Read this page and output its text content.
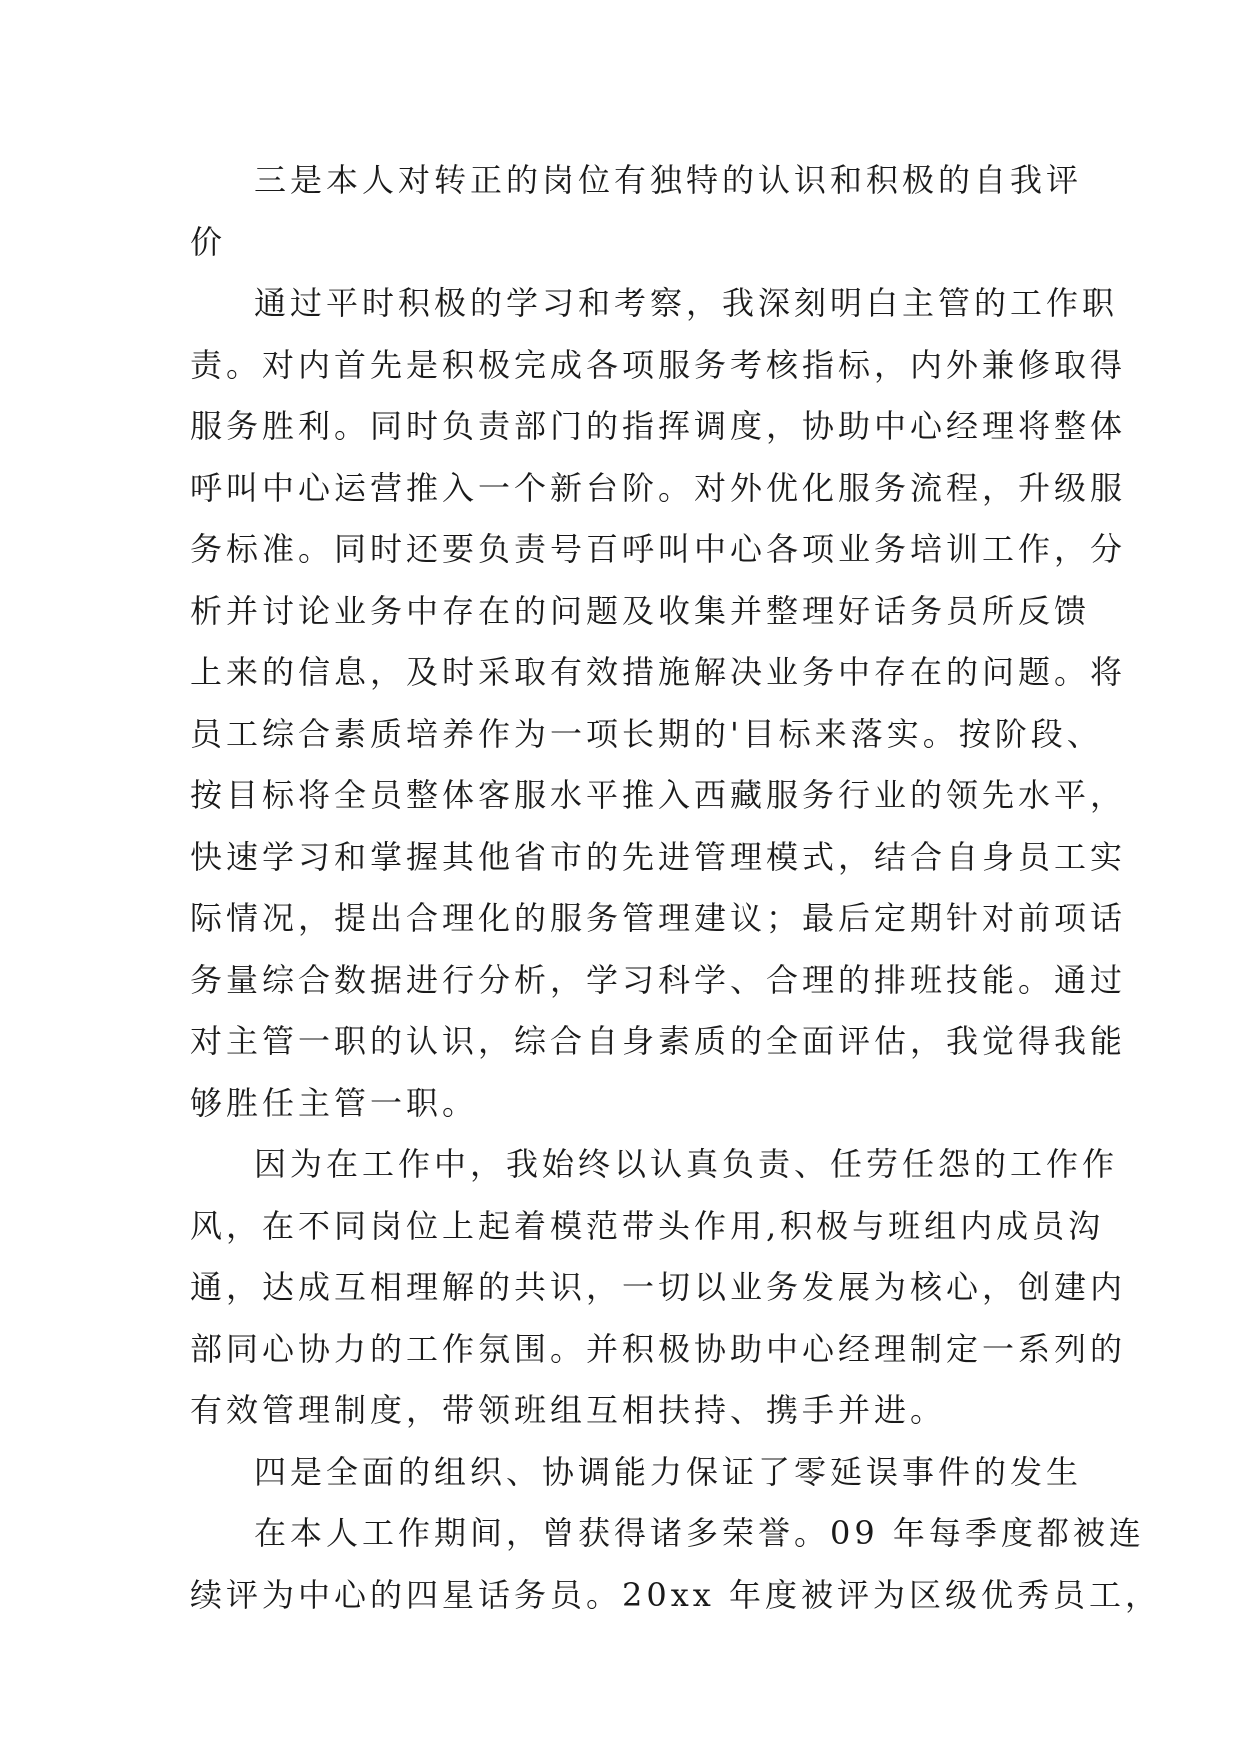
三是本人对转正的岗位有独特的认识和积极的自我评
价

通过平时积极的学习和考察，我深刻明白主管的工作职
责。对内首先是积极完成各项服务考核指标，内外兼修取得
服务胜利。同时负责部门的指挥调度，协助中心经理将整体
呼叫中心运营推入一个新台阶。对外优化服务流程，升级服
务标准。同时还要负责号百呼叫中心各项业务培训工作，分
析并讨论业务中存在的问题及收集并整理好话务员所反馈
上来的信息，及时采取有效措施解决业务中存在的问题。将
员工综合素质培养作为一项长期的'目标来落实。按阶段、
按目标将全员整体客服水平推入西藏服务行业的领先水平，
快速学习和掌握其他省市的先进管理模式，结合自身员工实
际情况，提出合理化的服务管理建议；最后定期针对前项话
务量综合数据进行分析，学习科学、合理的排班技能。通过
对主管一职的认识，综合自身素质的全面评估，我觉得我能
够胜任主管一职。

因为在工作中，我始终以认真负责、任劳任怨的工作作
风，在不同岗位上起着模范带头作用,积极与班组内成员沟
通，达成互相理解的共识，一切以业务发展为核心，创建内
部同心协力的工作氛围。并积极协助中心经理制定一系列的
有效管理制度，带领班组互相扶持、携手并进。

四是全面的组织、协调能力保证了零延误事件的发生

在本人工作期间，曾获得诸多荣誉。09 年每季度都被连
续评为中心的四星话务员。20xx 年度被评为区级优秀员工，
